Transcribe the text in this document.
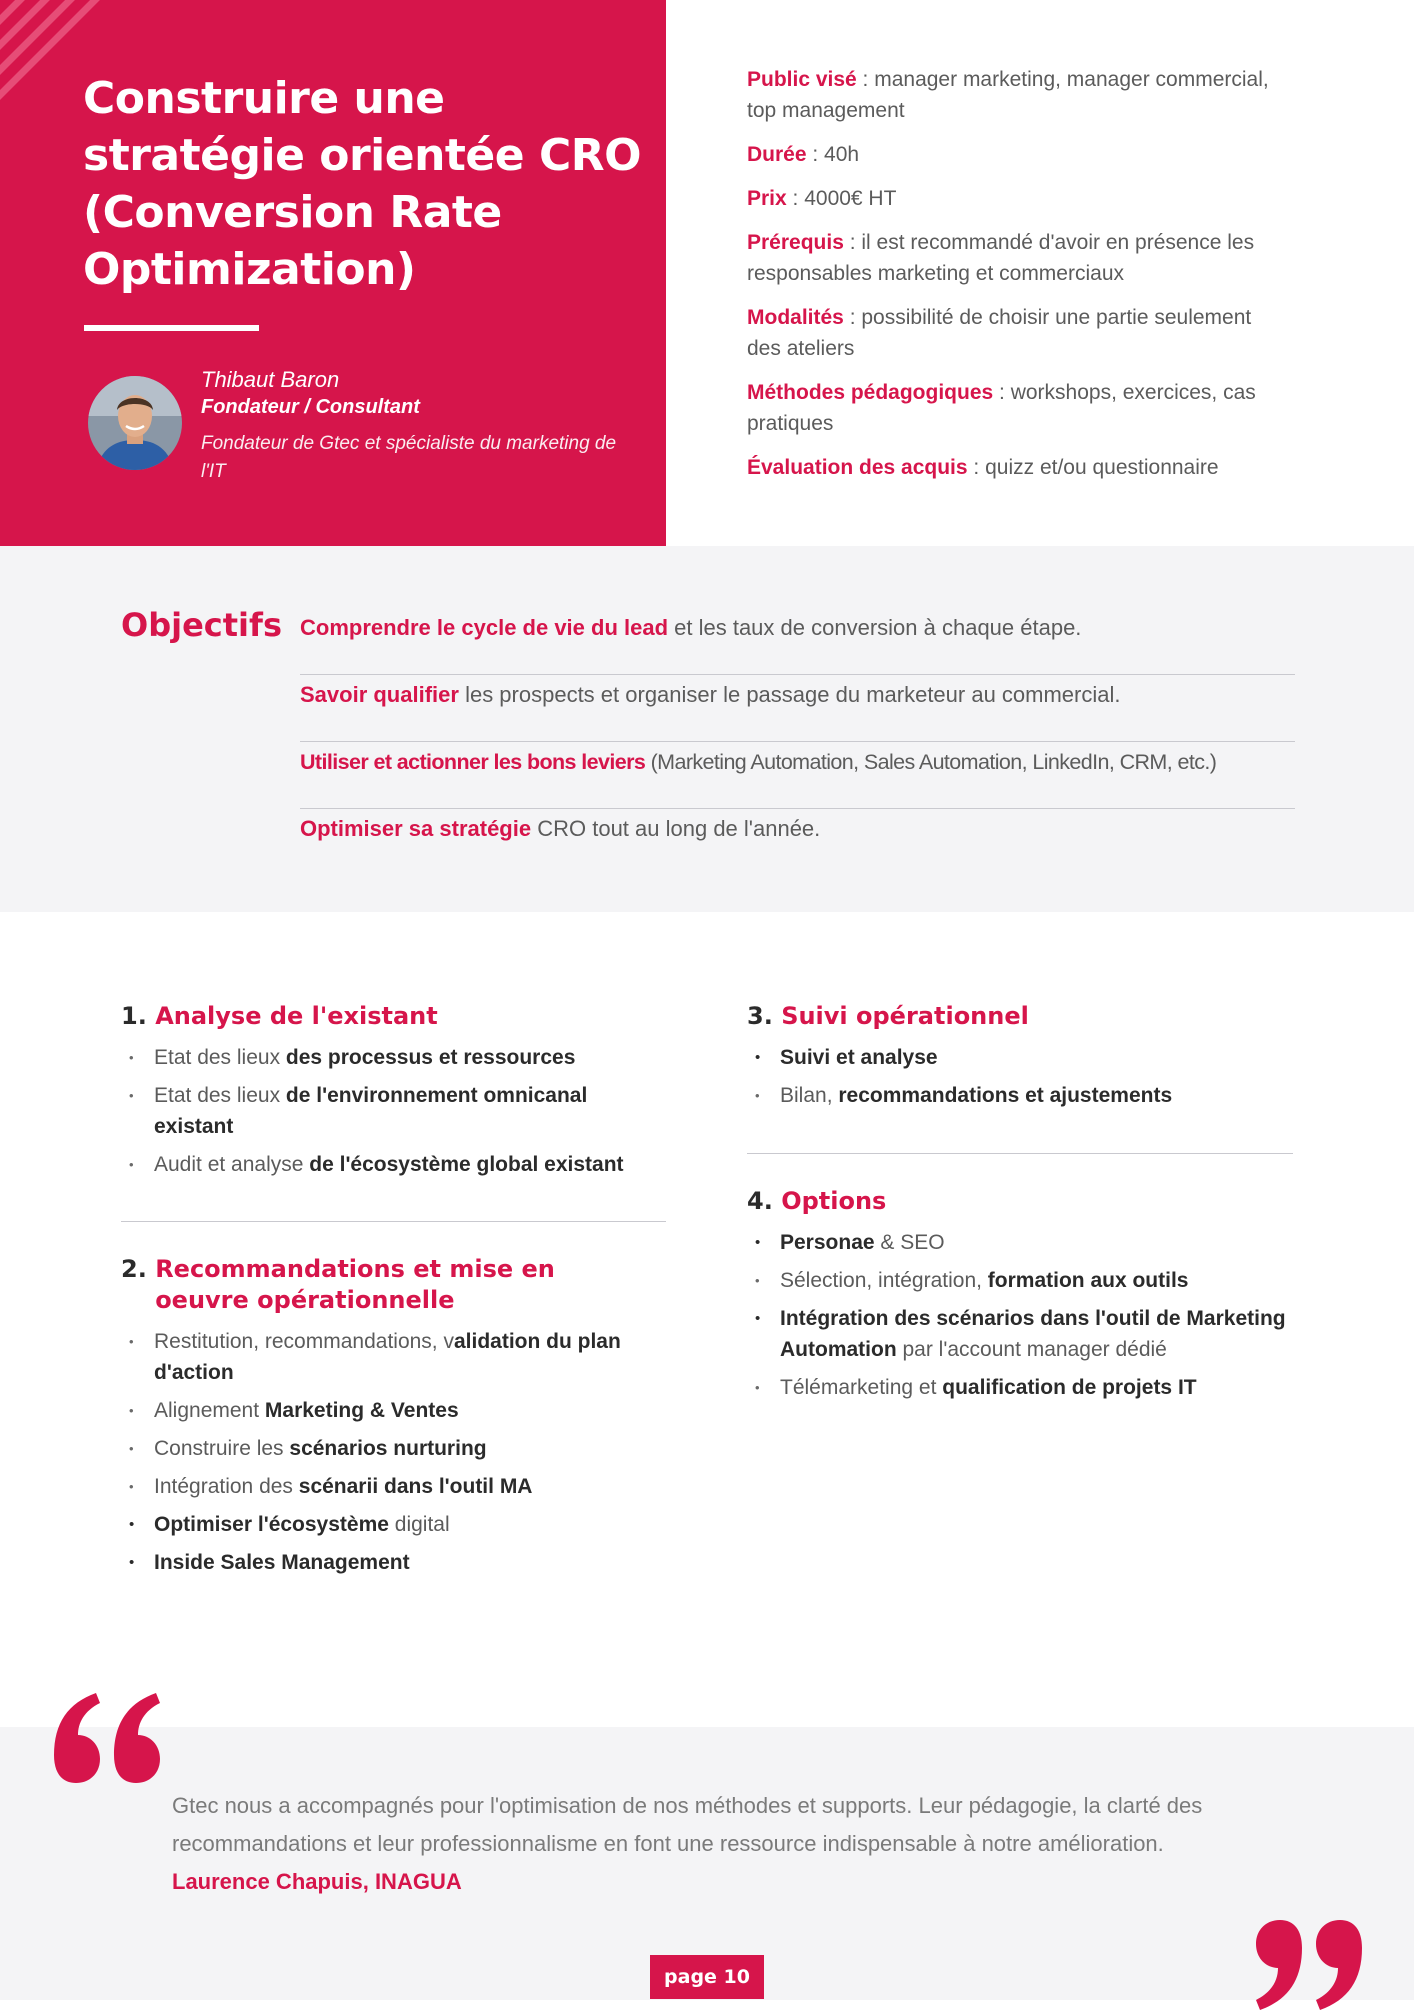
Construire une stratégie orientée CRO (Conversion Rate Optimization)
Thibaut Baron
Fondateur / Consultant
Fondateur de Gtec et spécialiste du marketing de l'IT

Public visé : manager marketing, manager commercial, top management

Durée : 40h

Prix : 4000€ HT

Prérequis : il est recommandé d'avoir en présence les responsables marketing et commerciaux

Modalités : possibilité de choisir une partie seulement des ateliers

Méthodes pédagogiques : workshops, exercices, cas pratiques

Évaluation des acquis : quizz et/ou questionnaire

Objectifs Comprendre le cycle de vie du lead et les taux de conversion à chaque étape.
Savoir qualifier les prospects et organiser le passage du marketeur au commercial.
Utiliser et actionner les bons leviers (Marketing Automation, Sales Automation, LinkedIn, CRM, etc.)
Optimiser sa stratégie CRO tout au long de l'année.
1. Analyse de l'existant
• Etat des lieux des processus et ressources
• Etat des lieux de l'environnement omnicanal existant
• Audit et analyse de l'écosystème global existant
2. Recommandations et mise en oeuvre opérationnelle
• Restitution, recommandations, validation du plan d'action
• Alignement Marketing & Ventes
• Construire les scénarios nurturing
• Intégration des scénarii dans l'outil MA
• Optimiser l'écosystème digital
• Inside Sales Management
3. Suivi opérationnel
• Suivi et analyse
• Bilan, recommandations et ajustements
4. Options
• Personae & SEO
• Sélection, intégration, formation aux outils
• Intégration des scénarios dans l'outil de Marketing Automation par l'account manager dédié
• Télémarketing et qualification de projets IT

Gtec nous a accompagnés pour l'optimisation de nos méthodes et supports. Leur pédagogie, la clarté des recommandations et leur professionnalisme en font une ressource indispensable à notre amélioration. Laurence Chapuis, INAGUA

page 10
